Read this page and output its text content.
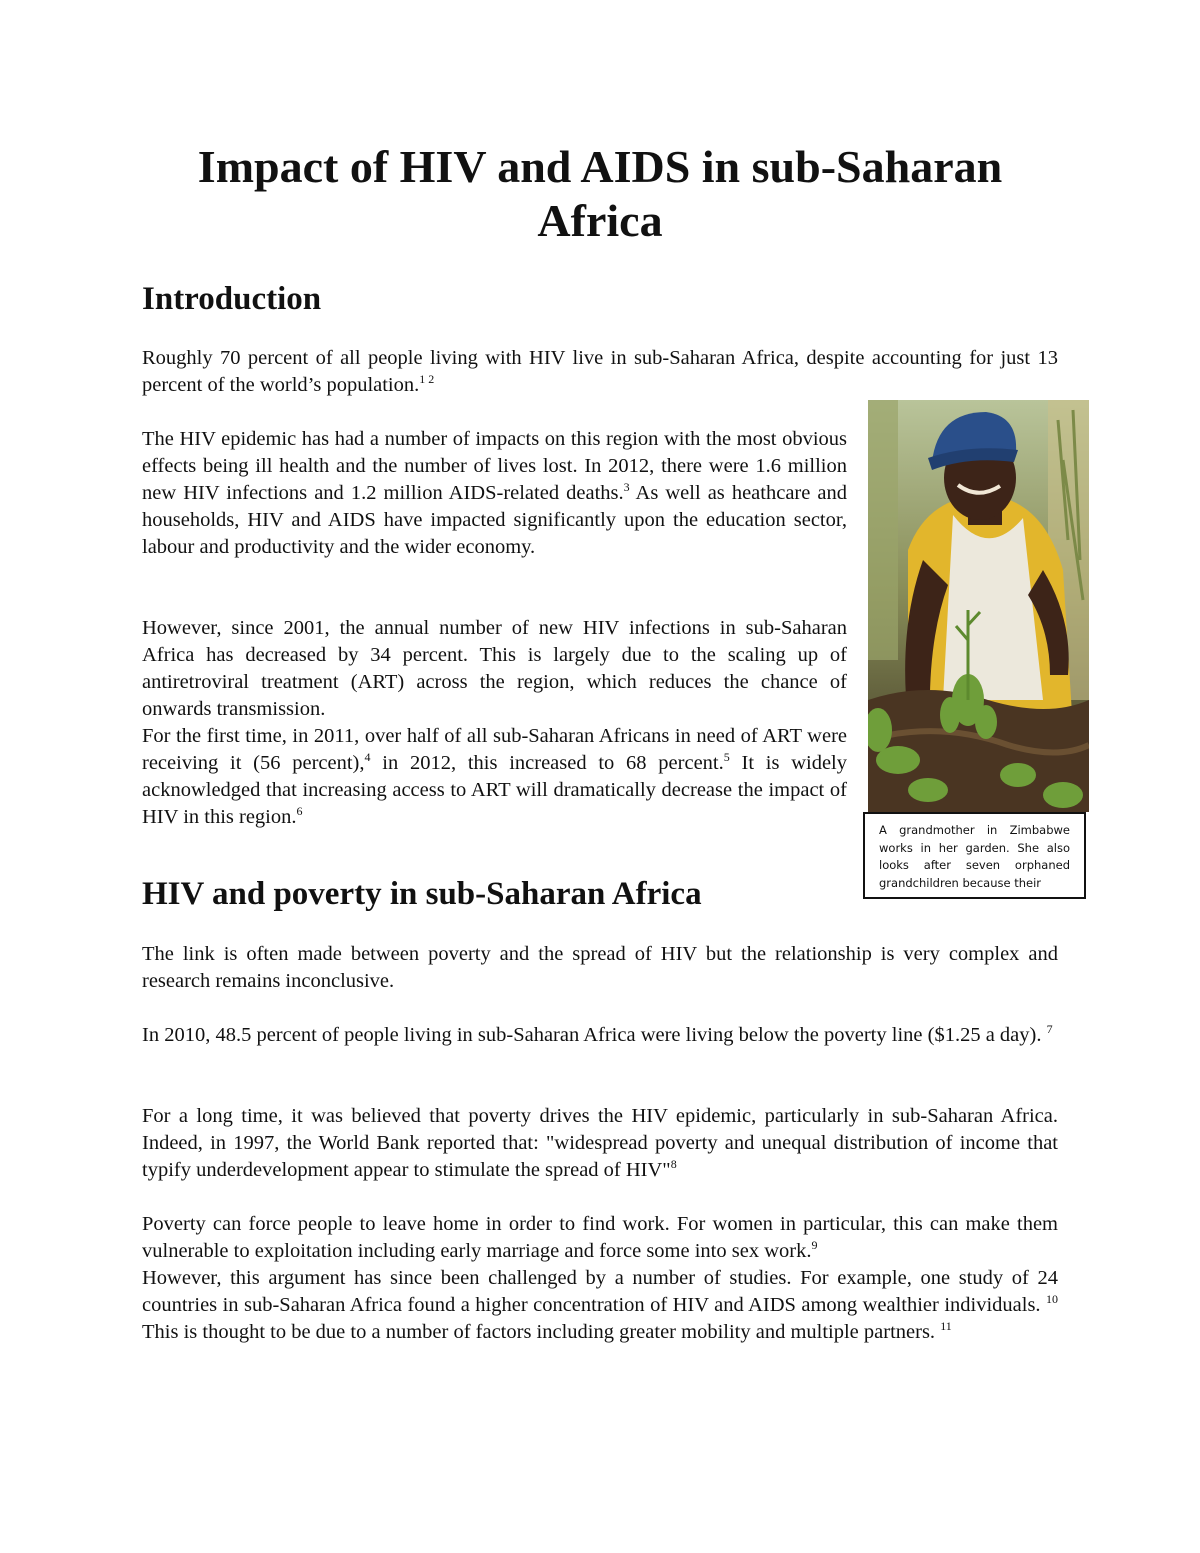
Impact of HIV and AIDS in sub-Saharan Africa
Introduction

Roughly 70 percent of all people living with HIV live in sub-Saharan Africa, despite accounting for just 13 percent of the world’s population.$^{1 2}$

The HIV epidemic has had a number of impacts on this region with the most obvious effects being ill health and the number of lives lost. In 2012, there were 1.6 million new HIV infections and 1.2 million AIDS-related deaths.$^3$ As well as heathcare and households, HIV and AIDS have impacted significantly upon the education sector, labour and productivity and the wider economy.

However, since 2001, the annual number of new HIV infections in sub-Saharan Africa has decreased by 34 percent. This is largely due to the scaling up of antiretroviral treatment (ART) across the region, which reduces the chance of onwards transmission.

For the first time, in 2011, over half of all sub-Saharan Africans in need of ART were receiving it (56 percent),$^4$ in 2012, this increased to 68 percent.$^5$ It is widely acknowledged that increasing access to ART will dramatically decrease the impact of HIV in this region.$^6$

HIV and poverty in sub-Saharan Africa

The link is often made between poverty and the spread of HIV but the relationship is very complex and research remains inconclusive.

In 2010, 48.5 percent of people living in sub-Saharan Africa were living below the poverty line ($1.25 a day). $^7$

For a long time, it was believed that poverty drives the HIV epidemic, particularly in sub-Saharan Africa. Indeed, in 1997, the World Bank reported that: "widespread poverty and unequal distribution of income that typify underdevelopment appear to stimulate the spread of HIV"$^8$

Poverty can force people to leave home in order to find work. For women in particular, this can make them vulnerable to exploitation including early marriage and force some into sex work.$^9$

However, this argument has since been challenged by a number of studies. For example, one study of 24 countries in sub-Saharan Africa found a higher concentration of HIV and AIDS among wealthier individuals. $^{10}$ This is thought to be due to a number of factors including greater mobility and multiple partners. $^{11}$

A grandmother in Zimbabwe works in her garden. She also looks after seven orphaned grandchildren because their
